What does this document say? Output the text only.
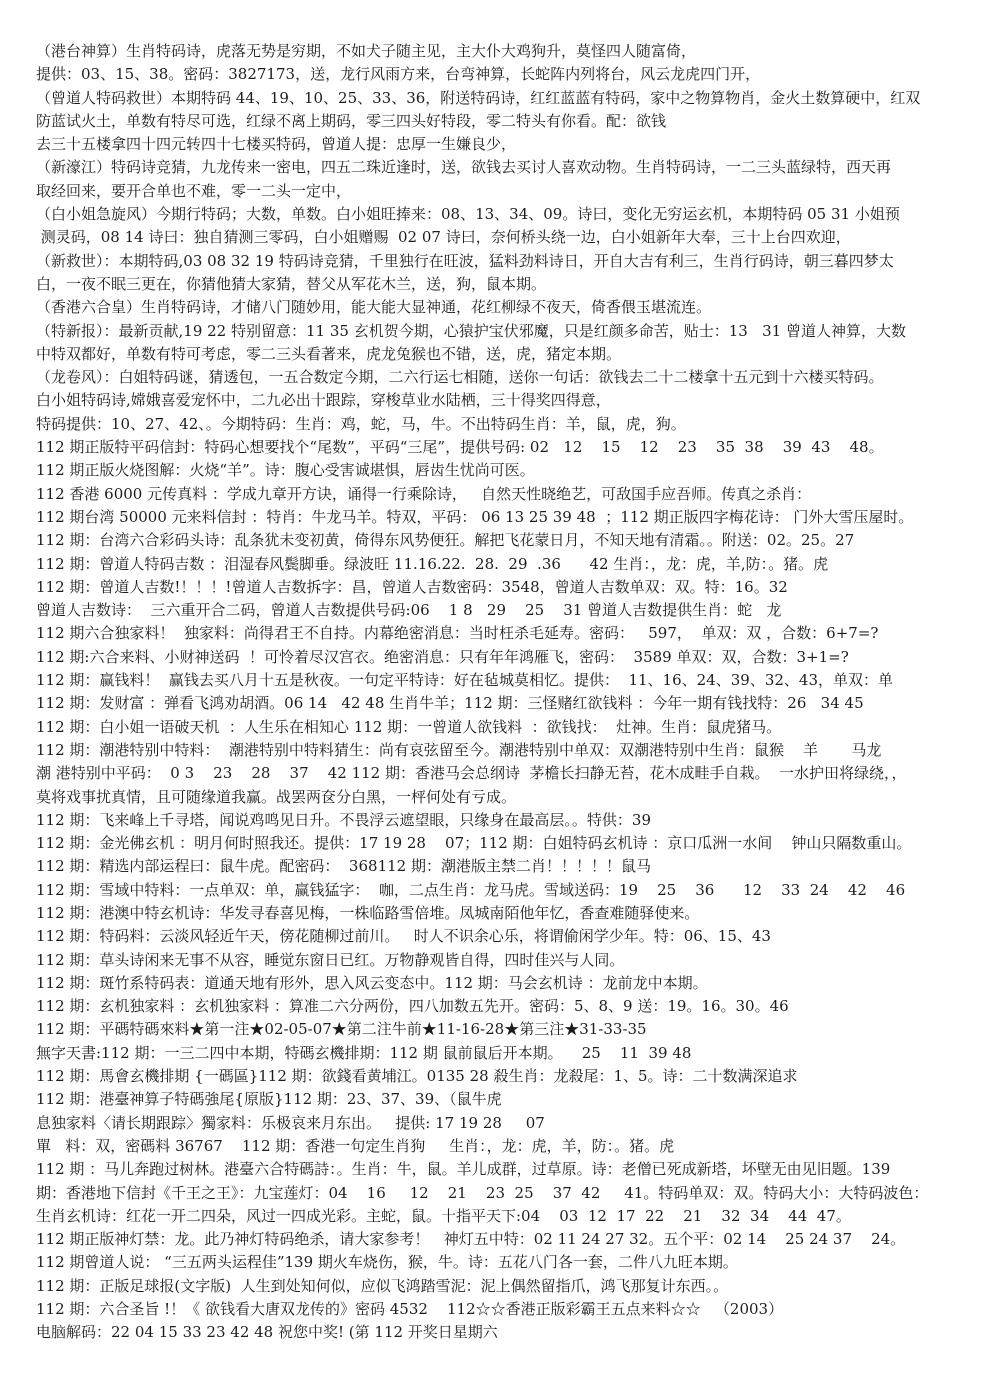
（港台神算）生肖特码诗，虎落无势是穷期，不如犬子随主见，主大仆大鸡狗升，莫怪四人随富倚，
提供：03、15、38。密码：3827173，送，龙行风雨方来，台弯神算，长蛇阵内列将台，风云龙虎四门开，
（曾道人特码救世）本期特码 44、19、10、25、33、36，附送特码诗，红红蓝蓝有特码，家中之物算物肖，金火土数算硬中，红双
防蓝试火土，单数有特尽可选，红绿不离上期码，零三四头好特段，零二特头有你看。配：欲钱
去三十五楼拿四十四元转四十七楼买特码，曾道人提：忠厚一生嫌良少，
（新濠江）特码诗竞猜，九龙传来一密电，四五二珠近逢时，送，欲钱去买讨人喜欢动物。生肖特码诗，一二三头蓝绿特，西天再
取经回来，要开合单也不难，零一二头一定中，
（白小姐急旋风）今期行特码；大数，单数。白小姐旺捧来：08、13、34、09。诗曰，变化无穷运玄机，本期特码 05 31 小姐预
测灵码，08 14 诗曰：独自猜测三零码，白小姐赠赐  02 07 诗曰，奈何桥头绕一边，白小姐新年大奉，三十上台四欢迎，
（新救世）：本期特码,03 08 32 19 特码诗竞猜，千里独行在旺波，猛料劲料诗日，开自大吉有利三，生肖行码诗，朝三暮四梦太
白，一夜不眠三更在，你猜他猜大家猜，替父从军花木兰，送，狗，鼠本期。
（香港六合皇）生肖特码诗，才储八门随妙用，能大能大显神通，花红柳绿不夜天，倚香偎玉堪流连。
（特新报）：最新贡献,19 22 特别留意：11 35 玄机贺今期，心猿护宝伏邪魔，只是红颜多命苦，贴士：13   31 曾道人神算，大数
中特双都好，单数有特可考虑，零二三头看著来，虎龙兔猴也不错，送，虎，猪定本期。
（龙卷风）：白姐特码谜，猜透包，一五合数定今期，二六行运七相随，送你一句话：欲钱去二十二楼拿十五元到十六楼买特码。
白小姐特码诗,嫦娥喜爱宠怀中，二九必出十跟踪，穿梭草业水陆栖，三十得奖四得意，
特码提供：10、27、42、。今期特码：生肖：鸡，蛇，马，牛。不出特码生肖：羊，鼠，虎，狗。
112 期正版特平码信封：特码心想要找个“尾数”，平码“三尾”，提供号码: 02   12    15    12    23    35  38    39  43    48。
112 期正版火烧图解：火烧“羊”。诗：腹心受害诚堪惧，唇齿生忧尚可医。
112 香港 6000 元传真料 ：学成九章开方诀，诵得一行乘除诗，   自然天性晓绝艺，可敌国手应吾师。传真之杀肖：
112 期台湾 50000 元来料信封 ：特肖：牛龙马羊。特双，平码： 06 13 25 39 48  ；112 期正版四字梅花诗： 门外大雪压屋时。
112 期：台湾六合彩码头诗：乱条犹未变初黄，倚得东风势便狂。解把飞花蒙日月，不知天地有清霜。。附送：02。25。27
112 期：曾道人特码吉数 ：泪湿春风鬓脚垂。绿波旺 11.16.22.  28.  29  .36      42 生肖：，龙：虎，羊,防：。猪。虎
112 期：曾道人吉数!！！！!曾道人吉数拆字：昌，曾道人吉数密码：3548，曾道人吉数单双：双。特：16。32
曾道人吉数诗：  三六重开合二码，曾道人吉数提供号码:06    1 8   29    25    31 曾道人吉数提供生肖：蛇   龙
112 期六合独家料！  独家料：尚得君王不自持。内幕绝密消息：当时枉杀毛延寿。密码：   597，  单双：双 ，合数：6+7=?
112 期:六合来料、小财神送码  ！可怜着尽汉宫衣。绝密消息：只有年年鸿雁飞，密码：  3589 单双：双，合数：3+1=?
112 期：赢钱料！  赢钱去买八月十五是秋夜。一句定平特诗：好在毡城莫相忆。提供：  11、16、24、39、32、43，单双：单
112 期：发财富 ：弹看飞鸿劝胡酒。06 14   42 48 生肖牛羊；112 期：三怪赌红欲钱料 ：今年一期有钱找特：26   34 45
112 期：白小姐一语破天机  ：人生乐在相知心 112 期：一曾道人欲钱料  ：欲钱找：  灶神。生肖：鼠虎猪马。
112 期：潮港特别中特料：  潮港特别中特料猜生：尚有哀弦留至今。潮港特别中单双：双潮港特别中生肖：鼠猴    羊       马龙
潮 港特别中平码：  0 3    23    28    37    42 112 期：香港马会总纲诗  茅檐长扫静无苔，花木成畦手自栽。  一水护田将绿绕，，
莫将戏事扰真情，且可随缘道我赢。战罢两奁分白黑，一枰何处有亏成。
112 期：飞来峰上千寻塔，闻说鸡鸣见日升。不畏浮云遮望眼，只缘身在最高层。。特供：39
112 期：金光佛玄机 ：明月何时照我还。提供：17 19 28    07；112 期：白姐特码玄机诗 ：京口瓜洲一水间    钟山只隔数重山。
112 期：精选内部运程曰：鼠牛虎。配密码：  368112 期：潮港版主禁二肖！！！！！鼠马
112 期：雪域中特料：一点单双：单，赢钱猛字：  咖，二点生肖：龙马虎。雪域送码：19    25    36      12    33  24    42    46
112 期：港澳中特玄机诗：华发寻春喜见梅，一株临路雪倍堆。凤城南陌他年忆，香查难随驿使来。
112 期：特码料：云淡风轻近午天，傍花随柳过前川。   时人不识余心乐，将谓偷闲学少年。特：06、15、43
112 期：草头诗闲来无事不从容，睡觉东窗日已红。万物静观皆自得，四时佳兴与人同。
112 期：斑竹系特码表：道通天地有形外，思入风云变态中。112 期：马会玄机诗 ：龙前龙中本期。
112 期：玄机独家料 ：玄机独家料 ：算准二六分两份，四八加数五先开。密码：5、8、9 送：19。16。30。46
112 期：平碼特碼來料★第一注★02-05-07★第二注牛前★11-16-28★第三注★31-33-35
無字天書:112 期：一三二四中本期，特碼玄機排期：112 期 鼠前鼠后开本期。    25    11  39 48
112 期：馬會玄機排期 {一碼區}112 期：欲錢看黄埔江。0135 28 殺生肖：龙殺尾：1、5。诗：二十数满深追求
112 期：港臺神算子特碼強尾{原版}112 期：23、37、39、（鼠牛虎
息独家料〈请长期跟踪〉獨家料：乐极哀来月东出。   提供: 17 19 28     07
單   料：双，密碼料 36767    112 期：香港一句定生肖狗     生肖：，龙：虎，羊，防：。猪。虎
112 期 ：马儿奔跑过树林。港臺六合特碼詩：。生肖：牛，鼠。羊儿成群，过草原。诗：老僧已死成新塔，坏壁无由见旧题。139
期：香港地下信封《千王之王》：九宝莲灯：04    16     12    21    23  25    37  42     41。特码单双：双。特码大小：大特码波色：
生肖玄机诗：红花一开二四朵，风过一四成光彩。主蛇，鼠。十指平天下:04    03  12  17  22    21    32  34    44  47。
112 期正版神灯禁：龙。此乃神灯特码绝杀，请大家参考！   神灯五中特：02 11 24 27 32。五个平：02 14    25 24 37    24。
112 期曾道人说： “三五两头运程佳”139 期火车烧伤，猴，牛。诗：五花八门各一套，二件八九旺本期。
112 期：正版足球报(文字版)  人生到处知何似，应似飞鸿踏雪泥：泥上偶然留指爪，鸿飞那复计东西。。
112 期：六合圣旨 !！《 欲钱看大唐双龙传的》密码 4532    112☆☆香港正版彩霸王五点来料☆☆   （2003）
电脑解码：22 04 15 33 23 42 48 祝您中奖! (第 112 开奖日星期六
